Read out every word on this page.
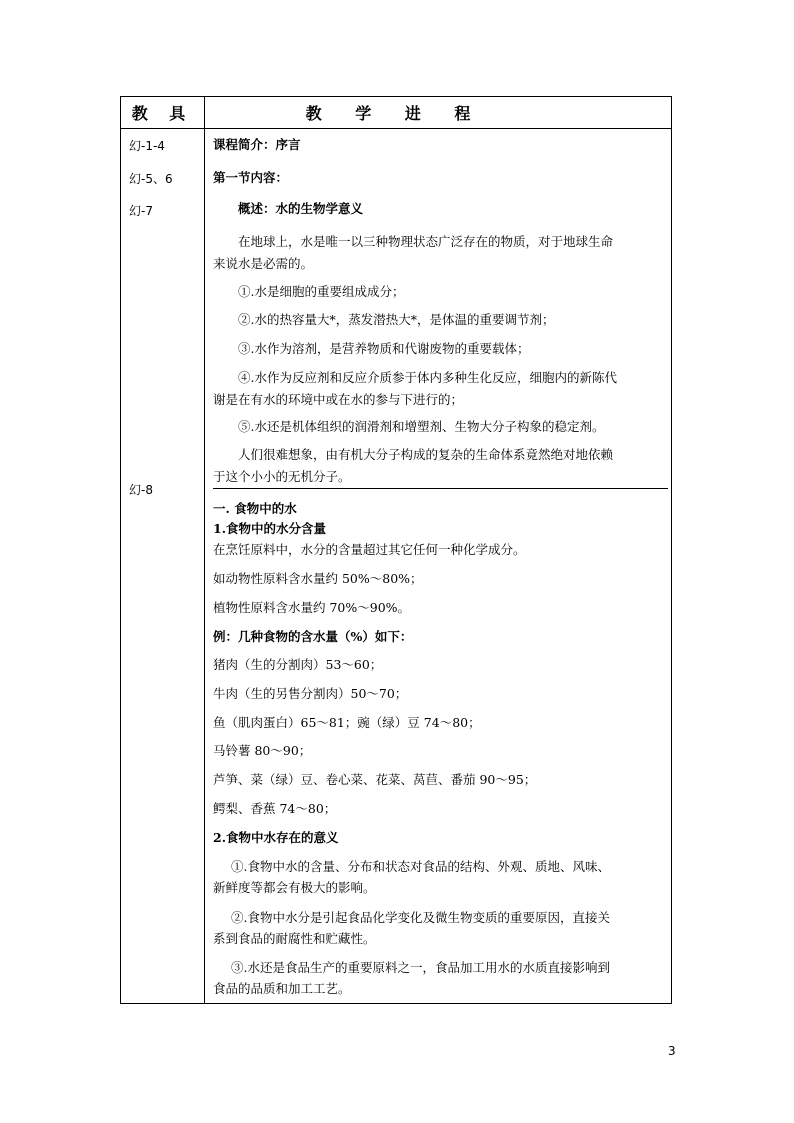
教 具	教 学 进 程
幻-1-4
幻-5、6
幻-7
幻-8
课程简介：序言
第一节内容：
概述：水的生物学意义
在地球上，水是唯一以三种物理状态广泛存在的物质，对于地球生命
来说水是必需的。
①.水是细胞的重要组成成分；
②.水的热容量大*，蒸发潜热大*，是体温的重要调节剂；
③.水作为溶剂，是营养物质和代谢废物的重要载体；
④.水作为反应剂和反应介质参于体内多种生化反应，细胞内的新陈代
谢是在有水的环境中或在水的参与下进行的；
⑤.水还是机体组织的润滑剂和增塑剂、生物大分子构象的稳定剂。
人们很难想象，由有机大分子构成的复杂的生命体系竟然绝对地依赖
于这个小小的无机分子。
一. 食物中的水
1.食物中的水分含量
在烹饪原料中，水分的含量超过其它任何一种化学成分。
如动物性原料含水量约 50%～80%；
植物性原料含水量约 70%～90%。
例：几种食物的含水量（%）如下：
猪肉（生的分割肉）53～60；
牛肉（生的另售分割肉）50～70；
鱼（肌肉蛋白）65～81；豌（绿）豆 74～80；
马铃薯 80～90；
芦笋、菜（绿）豆、卷心菜、花菜、莴苣、番茄 90～95；
鳄梨、香蕉 74～80；
2.食物中水存在的意义
①.食物中水的含量、分布和状态对食品的结构、外观、质地、风味、
新鲜度等都会有极大的影响。
②.食物中水分是引起食品化学变化及微生物变质的重要原因，直接关
系到食品的耐腐性和贮藏性。
③.水还是食品生产的重要原料之一，食品加工用水的水质直接影响到
食品的品质和加工工艺。
3
